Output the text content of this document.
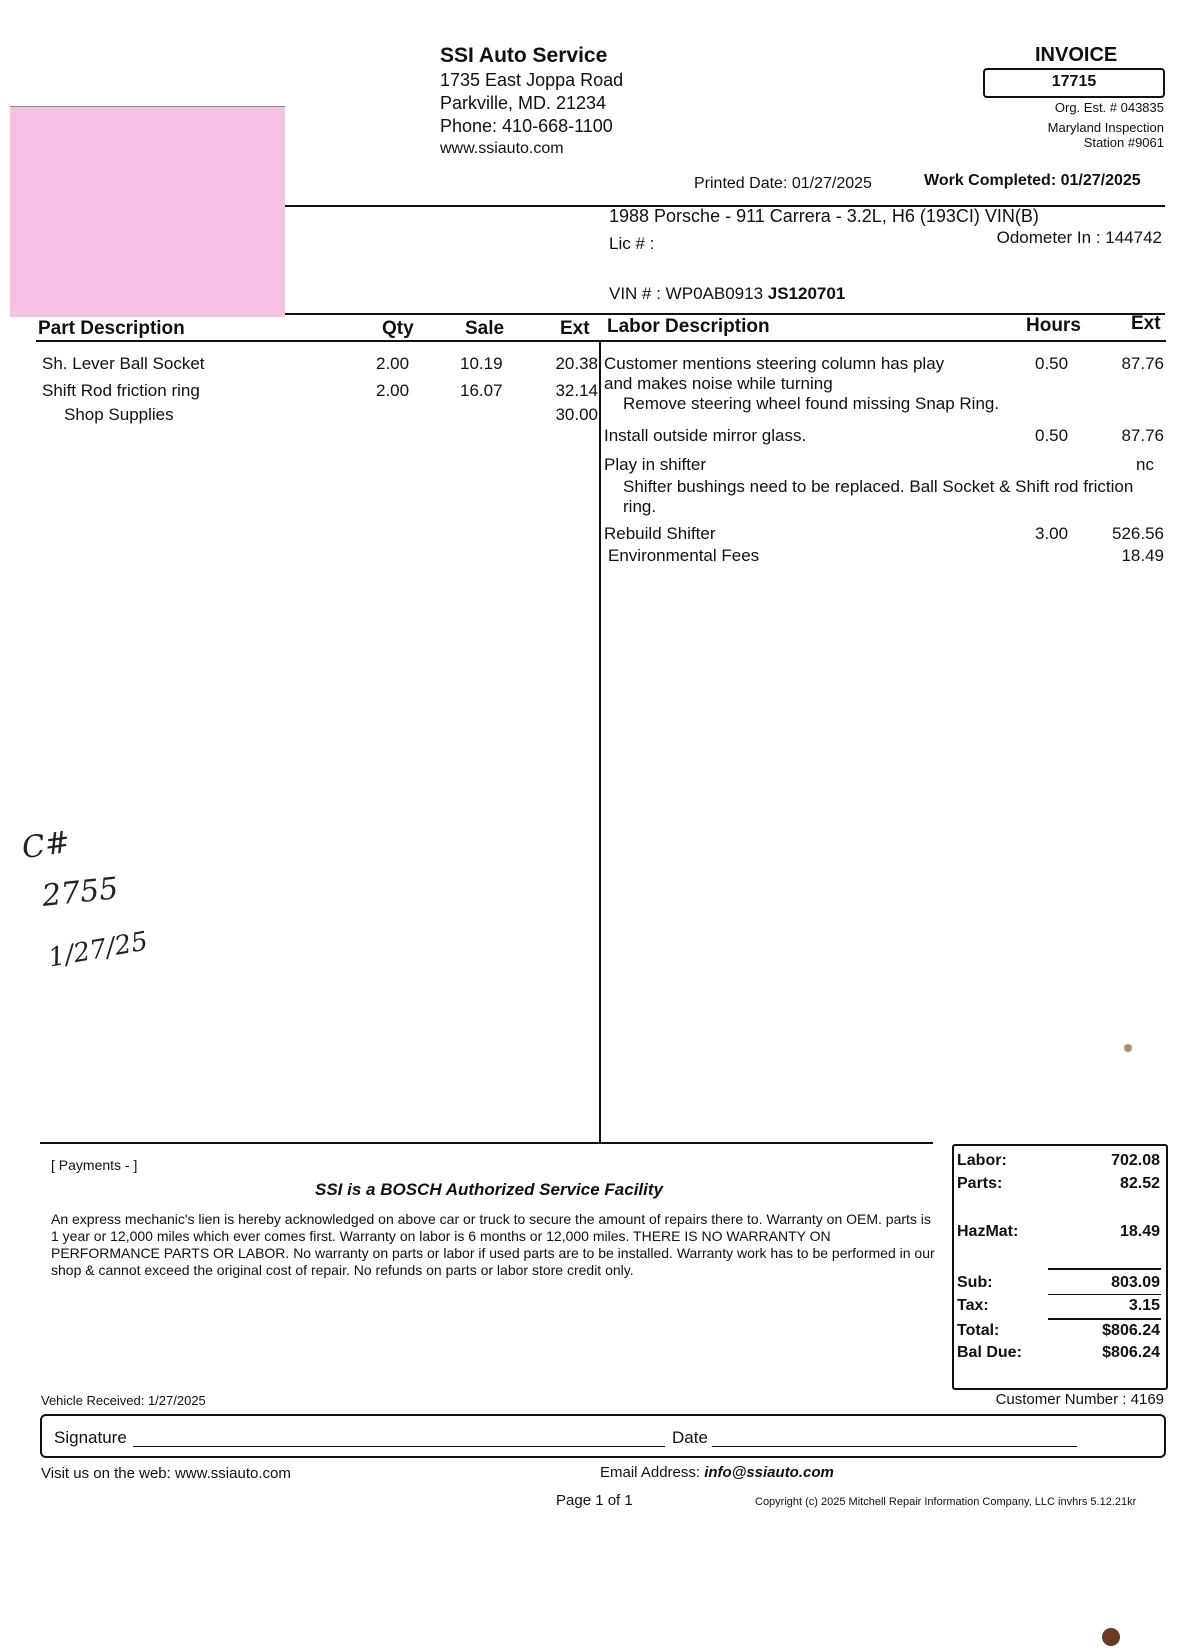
SSI Auto Service
1735 East Joppa Road
Parkville, MD. 21234
Phone: 410-668-1100
www.ssiauto.com
INVOICE
17715
Org. Est. # 043835
Maryland Inspection
Station #9061
Printed Date: 01/27/2025	Work Completed: 01/27/2025
1988 Porsche - 911 Carrera - 3.2L, H6 (193CI) VIN(B)
Lic # :	Odometer In : 144742
VIN # : WP0AB0913 JS120701
Part Description	Qty	Sale	Ext Labor Description	Hours	Ext
Sh. Lever Ball Socket	2.00	10.19	20.38
Shift Rod friction ring	2.00	16.07	32.14
Shop Supplies	30.00
Customer mentions steering column has play
and makes noise while turning
Remove steering wheel found missing Snap Ring.
0.50	87.76
Install outside mirror glass.	0.50	87.76
Play in shifter
Shifter bushings need to be replaced. Ball Socket & Shift rod friction
ring.
nc
Rebuild Shifter	3.00	526.56
Environmental Fees	18.49
C#
2755
1/27/25
[ Payments - ]
SSI is a BOSCH Authorized Service Facility
An express mechanic's lien is hereby acknowledged on above car or truck to secure the amount of repairs there to. Warranty on OEM. parts is 1 year or 12,000 miles which ever comes first. Warranty on labor is 6 months or 12,000 miles. THERE IS NO WARRANTY ON PERFORMANCE PARTS OR LABOR. No warranty on parts or labor if used parts are to be installed. Warranty work has to be performed in our shop & cannot exceed the original cost of repair. No refunds on parts or labor store credit only.
Labor:	702.08
Parts:	82.52
HazMat:	18.49
Sub:	803.09
Tax:	3.15
Total:	$806.24
Bal Due:	$806.24
Vehicle Received: 1/27/2025	Customer Number : 4169
Signature	Date
Visit us on the web: www.ssiauto.com	Email Address: info@ssiauto.com
Page 1 of 1	Copyright (c) 2025 Mitchell Repair Information Company, LLC invhrs 5.12.21kr
